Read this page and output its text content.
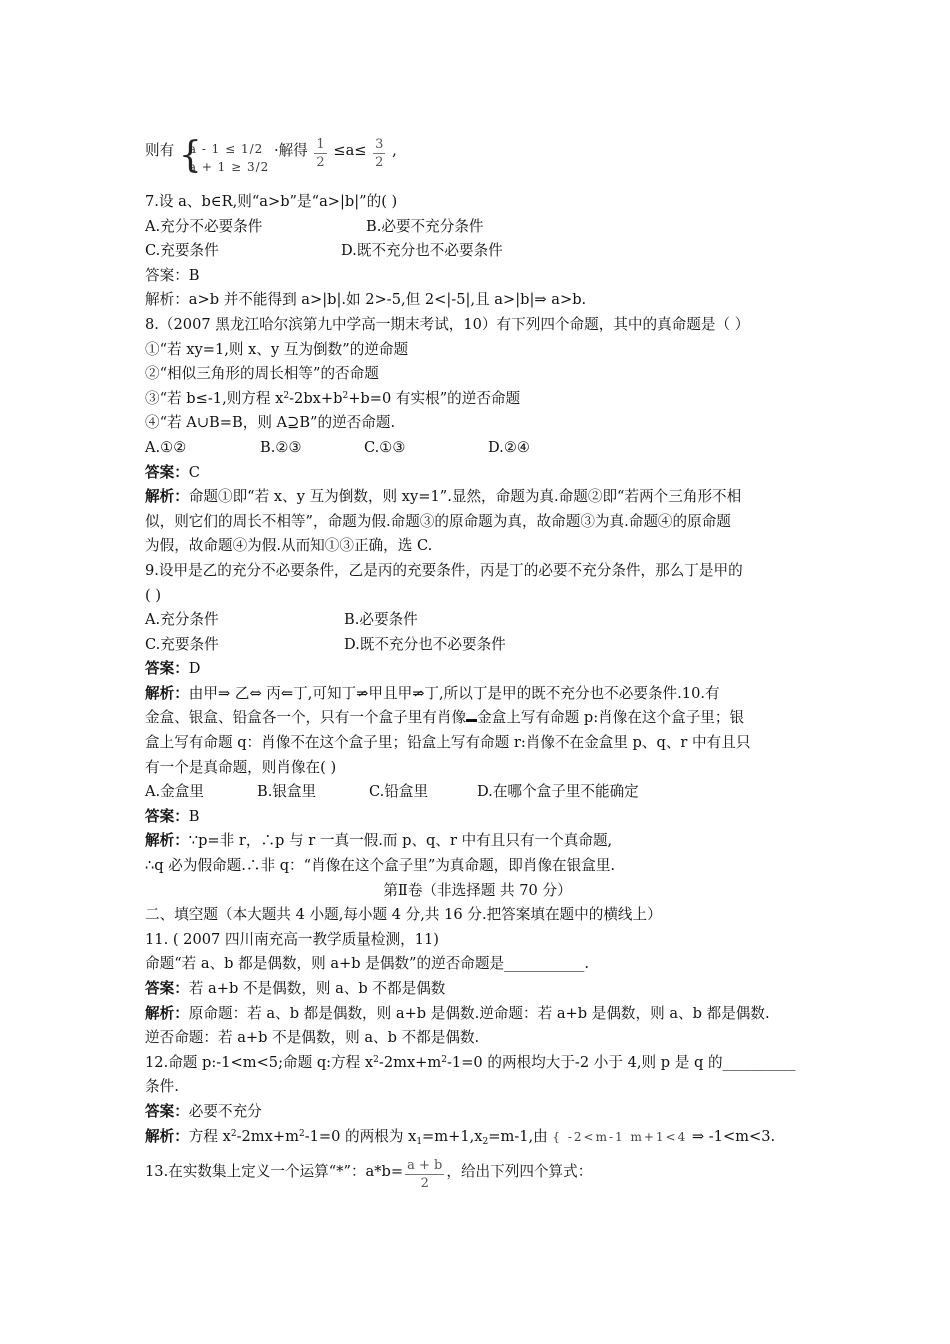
则有 {
a - 1 ≤ 1/2
a + 1 ≥ 3/2
·解得 $\frac{1}{2} \le a\le \frac{3}{2}$ ,
7.设 a、b∈R,则“a>b”是“a>|b|”的( )
A.充分不必要条件	B.必要不充分条件
C.充要条件	D.既不充分也不必要条件
答案：B
解析：a>b 并不能得到 a>|b|.如 2>-5,但 2<|-5|,且 a>|b|⇒ a>b.
8.（2007 黑龙江哈尔滨第九中学高一期末考试，10）有下列四个命题，其中的真命题是（ ）
①“若 xy=1,则 x、y 互为倒数”的逆命题
②“相似三角形的周长相等”的否命题
③“若 b≤-1,则方程 $x^2-2bx+b^2+b=0$ 有实根”的逆否命题
④“若 A∪B=B，则 A⊇B”的逆否命题.
A.①②	B.②③	C.①③	D.②④
答案：C
解析：命题①即“若 x、y 互为倒数，则 xy=1”.显然，命题为真.命题②即“若两个三角形不相
似，则它们的周长不相等”，命题为假.命题③的原命题为真，故命题③为真.命题④的原命题
为假，故命题④为假.从而知①③正确，选 C.
9.设甲是乙的充分不必要条件，乙是丙的充要条件，丙是丁的必要不充分条件，那么丁是甲的
( )
A.充分条件	B.必要条件
C.充要条件	D.既不充分也不必要条件
答案：D
解析：由甲⇒ 乙⇔ 丙⇐丁,可知丁⇒甲且甲⇒丁,所以丁是甲的既不充分也不必要条件.10.有
金盒、银盒、铅盒各一个，只有一个盒子里有肖像 金盒上写有命题 p:肖像在这个盒子里；银
盒上写有命题 q：肖像不在这个盒子里；铅盒上写有命题 r:肖像不在金盒里 p、q、r 中有且只
有一个是真命题，则肖像在( )
A.金盒里	B.银盒里	C.铅盒里	D.在哪个盒子里不能确定
答案：B
解析：∵p=非 r，∴p 与 r 一真一假.而 p、q、r 中有且只有一个真命题,
∴q 必为假命题.∴非 q：“肖像在这个盒子里”为真命题，即肖像在银盒里.
第Ⅱ卷（非选择题 共 70 分）
二、填空题（本大题共 4 小题,每小题 4 分,共 16 分.把答案填在题中的横线上）
11. ( 2007 四川南充高一教学质量检测，11)
命题“若 a、b 都是偶数，则 a+b 是偶数”的逆否命题是___________.
答案：若 a+b 不是偶数，则 a、b 不都是偶数
解析：原命题：若 a、b 都是偶数，则 a+b 是偶数.逆命题：若 a+b 是偶数，则 a、b 都是偶数.
逆否命题：若 a+b 不是偶数，则 a、b 不都是偶数.
12.命题 p:-1<m<5;命题 q:方程 $x^2-2mx+m^2-1=0$ 的两根均大于-2 小于 4,则 p 是 q 的__________
条件.
答案：必要不充分
解析：方程 $x^2-2mx+m^2-1=0$ 的两根为 $x_1=m+1,x_2=m-1$,由 { -2<m-1 m+1<4 ⇒ -1<m<3.
13.在实数集上定义一个运算“*”：$a*b= \frac{a + b}{2}$ ，给出下列四个算式：
